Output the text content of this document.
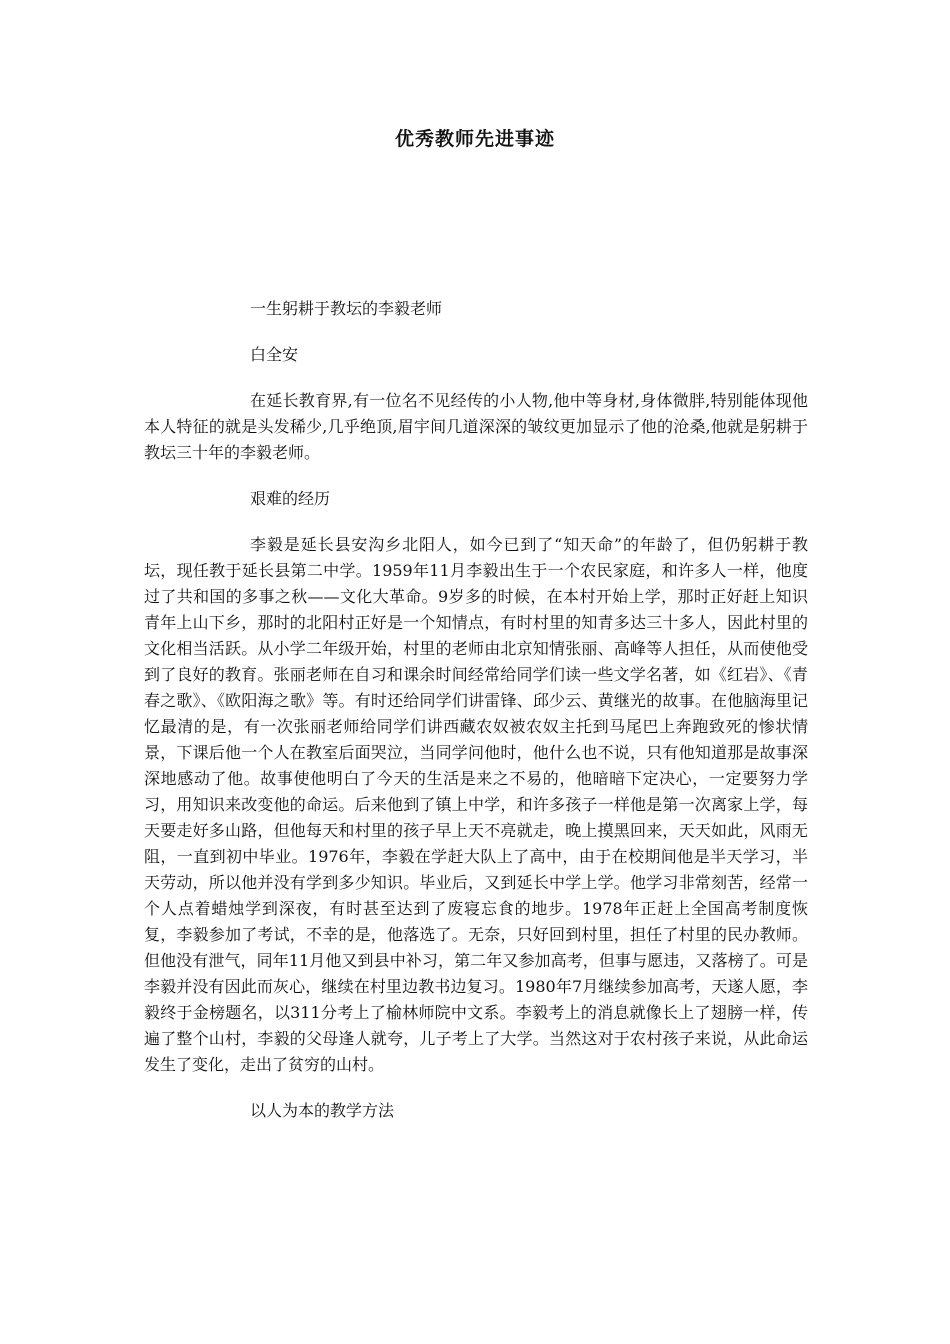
优秀教师先进事迹

一生躬耕于教坛的李毅老师

白全安

在延长教育界,有一位名不见经传的小人物,他中等身材,身体微胖,特别能体现他本人特征的就是头发稀少,几乎绝顶,眉宇间几道深深的皱纹更加显示了他的沧桑,他就是躬耕于教坛三十年的李毅老师。

艰难的经历

李毅是延长县安沟乡北阳人，如今已到了“知天命”的年龄了，但仍躬耕于教坛，现任教于延长县第二中学。1959年11月李毅出生于一个农民家庭，和许多人一样，他度过了共和国的多事之秋——文化大革命。9岁多的时候，在本村开始上学，那时正好赶上知识青年上山下乡，那时的北阳村正好是一个知情点，有时村里的知青多达三十多人，因此村里的文化相当活跃。从小学二年级开始，村里的老师由北京知情张丽、高峰等人担任，从而使他受到了良好的教育。张丽老师在自习和课余时间经常给同学们读一些文学名著，如《红岩》、《青春之歌》、《欧阳海之歌》等。有时还给同学们讲雷锋、邱少云、黄继光的故事。在他脑海里记忆最清的是，有一次张丽老师给同学们讲西藏农奴被农奴主托到马尾巴上奔跑致死的惨状情景，下课后他一个人在教室后面哭泣，当同学问他时，他什么也不说，只有他知道那是故事深深地感动了他。故事使他明白了今天的生活是来之不易的，他暗暗下定决心，一定要努力学习，用知识来改变他的命运。后来他到了镇上中学，和许多孩子一样他是第一次离家上学，每天要走好多山路，但他每天和村里的孩子早上天不亮就走，晚上摸黑回来，天天如此，风雨无阻，一直到初中毕业。1976年，李毅在学赶大队上了高中，由于在校期间他是半天学习，半天劳动，所以他并没有学到多少知识。毕业后，又到延长中学上学。他学习非常刻苦，经常一个人点着蜡烛学到深夜，有时甚至达到了废寝忘食的地步。1978年正赶上全国高考制度恢复，李毅参加了考试，不幸的是，他落选了。无奈，只好回到村里，担任了村里的民办教师。但他没有泄气，同年11月他又到县中补习，第二年又参加高考，但事与愿违，又落榜了。可是李毅并没有因此而灰心，继续在村里边教书边复习。1980年7月继续参加高考，天遂人愿，李毅终于金榜题名，以311分考上了榆林师院中文系。李毅考上的消息就像长上了翅膀一样，传遍了整个山村，李毅的父母逢人就夸，儿子考上了大学。当然这对于农村孩子来说，从此命运发生了变化，走出了贫穷的山村。

以人为本的教学方法
